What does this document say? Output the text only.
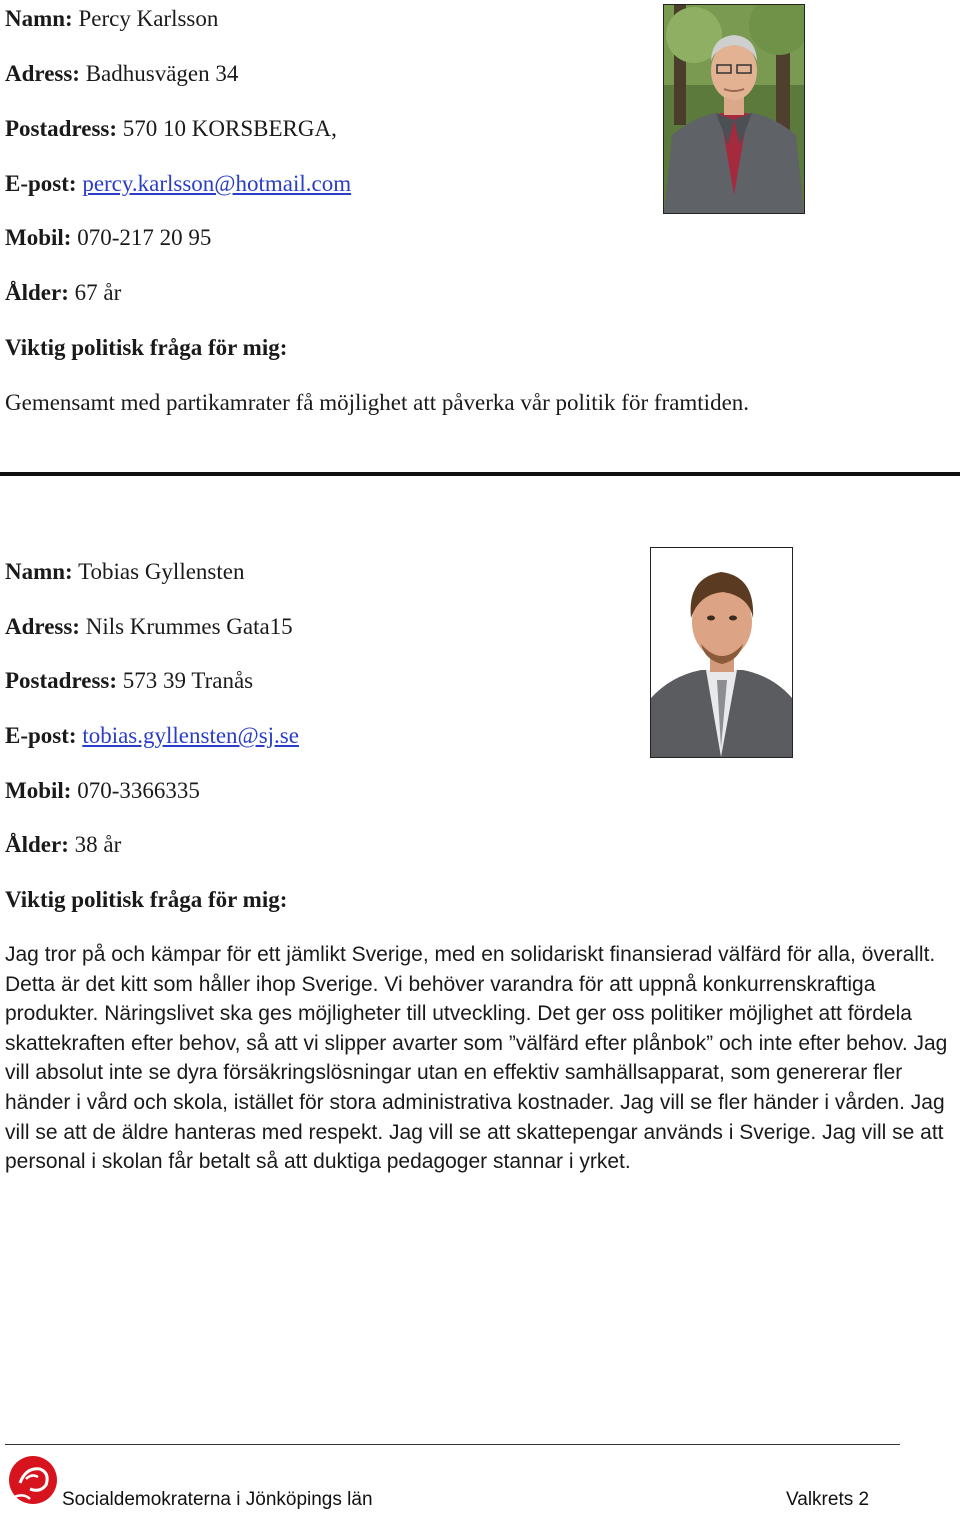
Namn: Percy Karlsson
Adress: Badhusvägen 34
Postadress: 570 10 KORSBERGA,
E-post: percy.karlsson@hotmail.com
Mobil: 070-217 20 95
Ålder: 67 år
Viktig politisk fråga för mig:
Gemensamt med partikamrater få möjlighet att påverka vår politik för framtiden.
Namn: Tobias Gyllensten
Adress: Nils Krummes Gata15
Postadress: 573 39 Tranås
E-post: tobias.gyllensten@sj.se
Mobil: 070-3366335
Ålder: 38 år
Viktig politisk fråga för mig:
Jag tror på och kämpar för ett jämlikt Sverige, med en solidariskt finansierad välfärd för alla, överallt. Detta är det kitt som håller ihop Sverige. Vi behöver varandra för att uppnå konkurrenskraftiga produkter. Näringslivet ska ges möjligheter till utveckling. Det ger oss politiker möjlighet att fördela skattekraften efter behov, så att vi slipper avarter som ”välfärd efter plånbok” och inte efter behov. Jag vill absolut inte se dyra försäkringslösningar utan en effektiv samhällsapparat, som genererar fler händer i vård och skola, istället för stora administrativa kostnader. Jag vill se fler händer i vården. Jag vill se att de äldre hanteras med respekt. Jag vill se att skattepengar används i Sverige. Jag vill se att personal i skolan får betalt så att duktiga pedagoger stannar i yrket.
Socialdemokraterna i Jönköpings län	Valkrets 2
